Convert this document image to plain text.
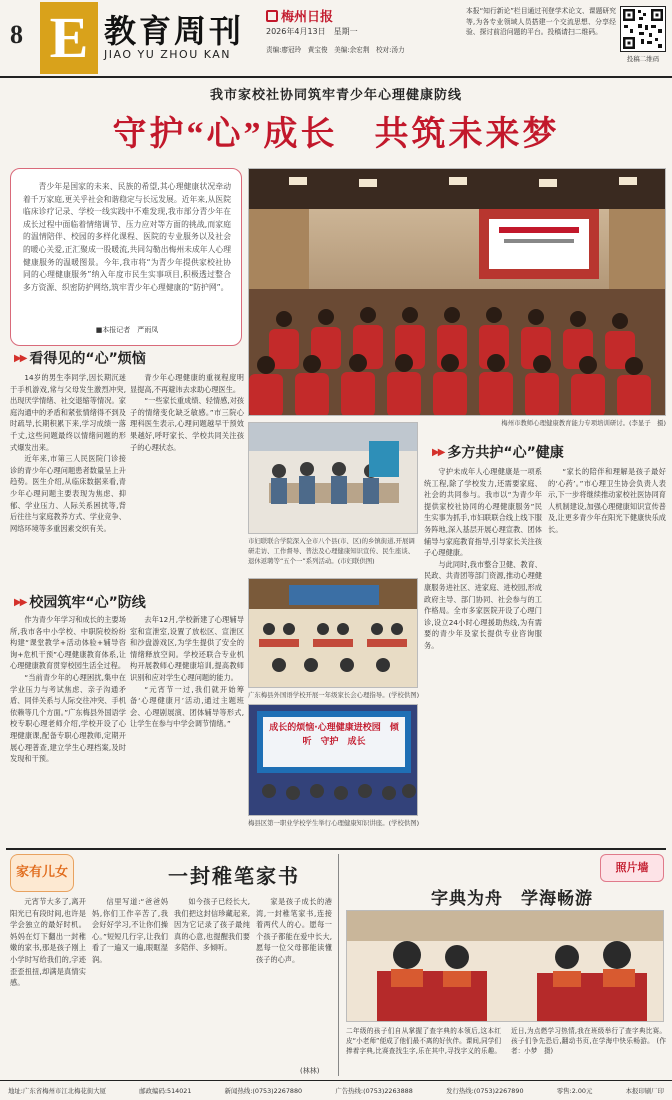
8 E 教育周刊
JIAO YU ZHOU KAN
梅州日报
2026年4月13日　星期一
责编:廖冠玲　黄宝俊　美编:余宏荆　校对:汤力
本报“知行新论”栏目通过刊登学术论文、课题研究等,为各专业领域人员搭建一个交流思想、分享经验、探讨前沿问题的平台。投稿请扫二维码。
投稿二维码
我市家校社协同筑牢青少年心理健康防线
守护“心”成长　共筑未来梦
青少年是国家的未来、民族的希望,其心理健康状况牵动着千万家庭,更关乎社会和谐稳定与长远发展。近年来,从医院临床诊疗记录、学校一线实践中不难发现,我市部分青少年在成长过程中面临着情绪调节、压力应对等方面的挑战,而家庭的温情陪伴、校园的多样化课程、医院的专业服务以及社会的暖心关爱,正汇聚成一股暖流,共同勾勒出梅州未成年人心理健康服务的温暖图景。今年,我市将“为青少年提供家校社协同的心理健康服务”纳入年度市民生实事项目,积极透过整合多方资源、织密防护网络,筑牢青少年心理健康的“防护网”。
■本报记者　严雨凤
梅州市教师心理健康教育能力专项培训研讨。(李显子　摄)
▶▶ 看得见的“心”烦恼

14岁的男生李同学,因长期沉迷于手机游戏,常与父母发生激烈冲突,出现厌学情绪、社交退缩等情况。家庭沟通中的矛盾和紧张情绪得不到及时疏导,长期积累下来,学习成绩一落千丈,这些问题最终以情绪问题的形式爆发出来。

近年来,市第三人民医院门诊接诊的青少年心理问题患者数量呈上升趋势。医生介绍,从临床数据来看,青少年心理问题主要表现为焦虑、抑郁、学业压力、人际关系困扰等,背后往往与家庭教养方式、学业竞争、网络环境等多重因素交织有关。

青少年心理健康的重视程度明显提高,不再避讳去求助心理医生。

“一些家长重成绩、轻情感,对孩子的情绪变化缺乏敏感。”市三院心理科医生表示,心理问题越早干预效果越好,呼吁家长、学校共同关注孩子的心理状态。

市妇联联合学院深入全市八个县(市、区)的乡镇街道,开展调研走访、工作督导、普法及心理健康知识宣传、民生座谈、退休返聘等“五个一”系列活动。(市妇联供图)
▶▶ 校园筑牢“心”防线

作为青少年学习和成长的主要场所,我市各中小学校、中职院校纷纷构建“课堂教学+活动体验+辅导咨询+危机干预”心理健康教育体系,让心理健康教育贯穿校园生活全过程。

“当前青少年的心理困扰,集中在学业压力与考试焦虑、亲子沟通矛盾、同伴关系与人际交往冲突、手机依赖等几个方面。”广东梅县外国语学校专职心理老师介绍,学校开设了心理健康课,配备专职心理教师,定期开展心理普查,建立学生心理档案,及时发现和干预。

去年12月,学校新建了心理辅导室和宣泄室,设置了放松区、宣泄区和沙盘游戏区,为学生提供了安全的情绪释放空间。学校还联合专业机构开展教师心理健康培训,提高教师识别和应对学生心理问题的能力。

“元宵节一过,我们就开始筹备‘心理健康月’活动,通过主题班会、心理剧展演、团体辅导等形式,让学生在参与中学会调节情绪。”

广东梅县外国语学校开展一年级家长会心理指导。(学校供图)
成长的烦恼·心理健康进校园　倾听　守护　成长
梅县区第一职业学校学生举行心理健康知识讲座。(学校供图)
▶▶ 多方共护“心”健康

守护未成年人心理健康是一项系统工程,除了学校发力,还需要家庭、社会的共同参与。我市以“为青少年提供家校社协同的心理健康服务”民生实事为抓手,市妇联联合线上线下服务阵地,深入基层开展心理宣教、团体辅导与家庭教育指导,引导家长关注孩子心理健康。

与此同时,我市整合卫健、教育、民政、共青团等部门资源,推动心理健康服务进社区、进家庭、进校园,形成政府主导、部门协同、社会参与的工作格局。全市多家医院开设了心理门诊,设立24小时心理援助热线,为有需要的青少年及家长提供专业咨询服务。

“家长的陪伴和理解是孩子最好的‘心药’。”市心理卫生协会负责人表示,下一步将继续推动家校社医协同育人机制建设,加强心理健康知识宣传普及,让更多青少年在阳光下健康快乐成长。

家有儿女	一封稚笔家书

元宵节大多了,离开阳光已有段时间,也许是学会独立的最好时机。妈妈在灯下翻出一封稚嫩的家书,那是孩子刚上小学时写给我们的,字迹歪歪扭扭,却满是真情实感。

信里写道:“爸爸妈妈,你们工作辛苦了,我会好好学习,不让你们操心。”短短几行字,让我们看了一遍又一遍,眼眶湿润。

如今孩子已经长大,我们把这封信珍藏起来,因为它记录了孩子最纯真的心意,也提醒我们要多陪伴、多倾听。

家是孩子成长的港湾,一封稚笔家书,连接着两代人的心。愿每一个孩子都能在爱中长大,愿每一位父母都能读懂孩子的心声。

(林林)
照片墙
字典为舟　学海畅游
二年级的孩子们自从掌握了查字典的本领后,这本红皮“小老师”便成了他们最不离的好伙伴。课间,同学们捧着字典,比赛查找生字,乐在其中,寻找字义的乐趣。近日,为点燃学习热情,我在班级举行了查字典比赛。孩子们争先恐后,翻动书页,在学海中快乐畅游。 (作者：小梦　摄)
地址:广东省梅州市江北梅花街大厦	邮政编码:514021	新闻热线:(0753)2267880	广告热线:(0753)2263888	发行热线:(0753)2267890	零售:2.00元	本报印刷厂印
